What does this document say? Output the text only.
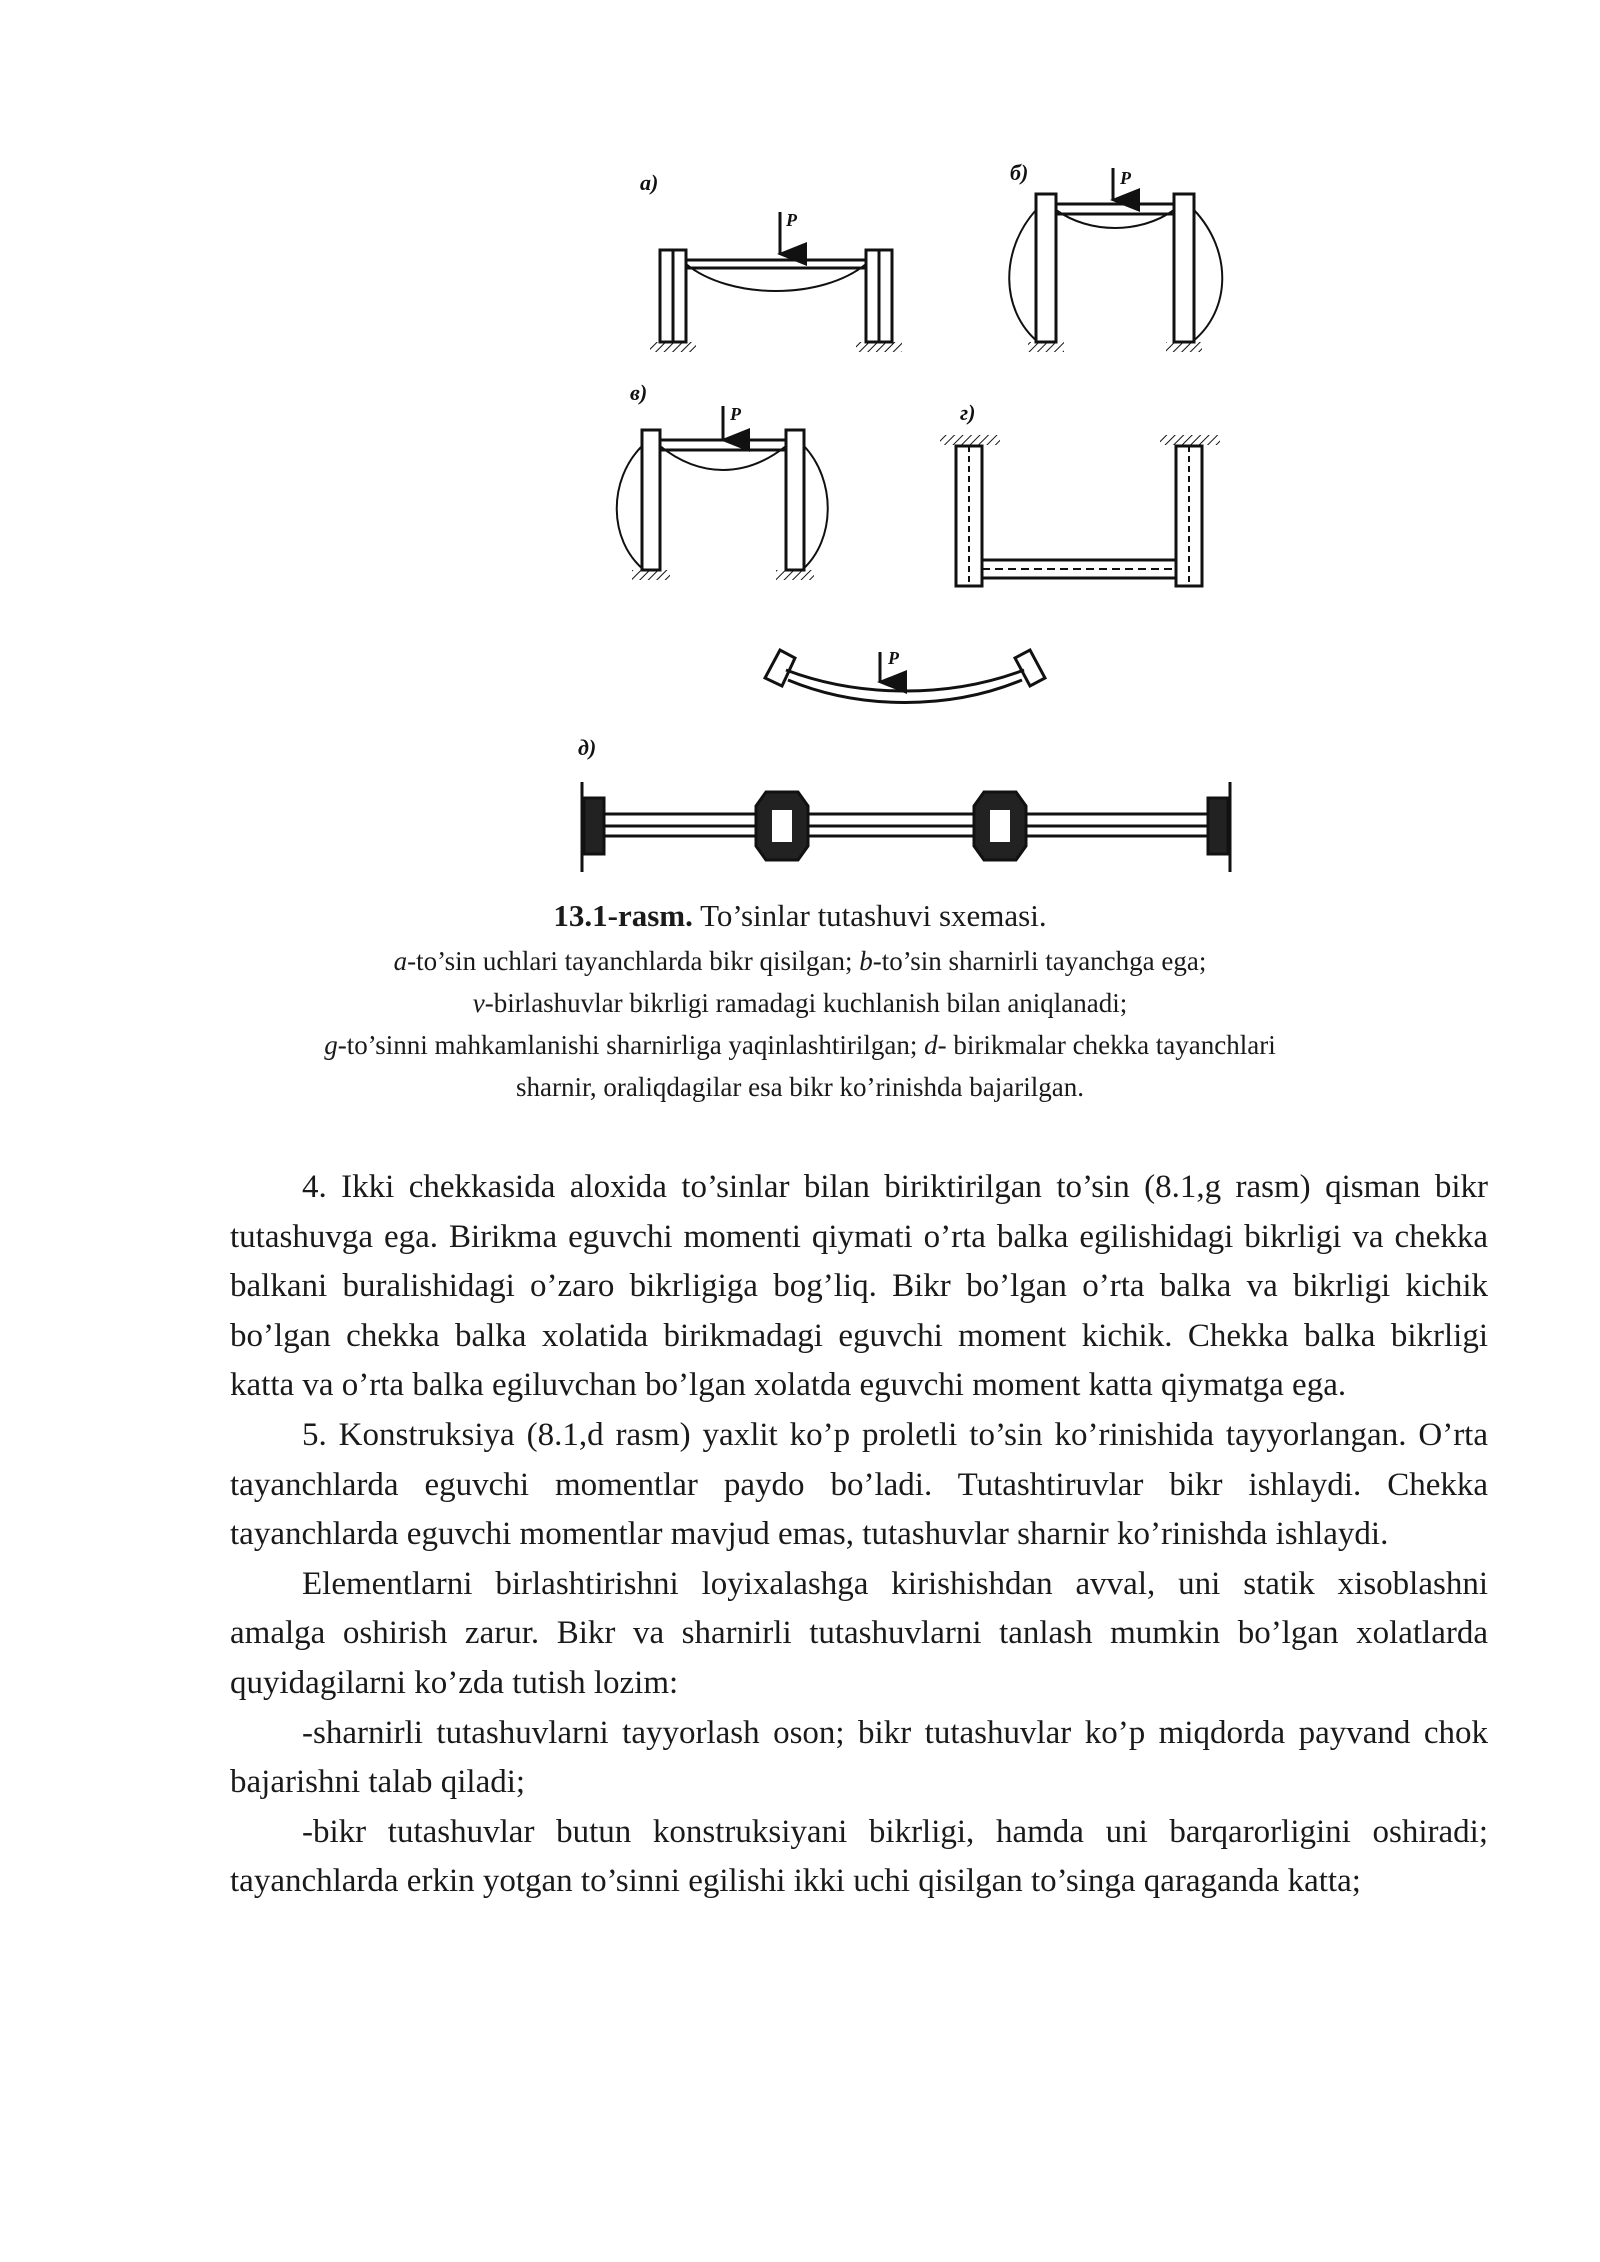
a)
P
б)	P
в)
P	г)
P
д)
13.1-rasm. To’sinlar tutashuvi sxemasi.
a-to’sin uchlari tayanchlarda bikr qisilgan; b-to’sin sharnirli tayanchga ega;
v-birlashuvlar bikrligi ramadagi kuchlanish bilan aniqlanadi;
g-to’sinni mahkamlanishi sharnirliga yaqinlashtirilgan; d- birikmalar chekka tayanchlari
sharnir, oraliqdagilar esa bikr ko’rinishda bajarilgan.

4. Ikki chekkasida aloxida to’sinlar bilan biriktirilgan to’sin (8.1,g rasm) qisman bikr tutashuvga ega. Birikma eguvchi momenti qiymati o’rta balka egilishidagi bikrligi va chekka balkani buralishidagi o’zaro bikrligiga bog’liq. Bikr bo’lgan o’rta balka va bikrligi kichik bo’lgan chekka balka xolatida birikmadagi eguvchi moment kichik. Chekka balka bikrligi katta va o’rta balka egiluvchan bo’lgan xolatda eguvchi moment katta qiymatga ega.

5. Konstruksiya (8.1,d rasm) yaxlit ko’p proletli to’sin ko’rinishida tayyorlangan. O’rta tayanchlarda eguvchi momentlar paydo bo’ladi. Tutashtiruvlar bikr ishlaydi. Chekka tayanchlarda eguvchi momentlar mavjud emas, tutashuvlar sharnir ko’rinishda ishlaydi.

Elementlarni birlashtirishni loyixalashga kirishishdan avval, uni statik xisoblashni amalga oshirish zarur. Bikr va sharnirli tutashuvlarni tanlash mumkin bo’lgan xolatlarda quyidagilarni ko’zda tutish lozim:

-sharnirli tutashuvlarni tayyorlash oson; bikr tutashuvlar ko’p miqdorda payvand chok bajarishni talab qiladi;

-bikr tutashuvlar butun konstruksiyani bikrligi, hamda uni barqarorligini oshiradi; tayanchlarda erkin yotgan to’sinni egilishi ikki uchi qisilgan to’singa qaraganda katta;
